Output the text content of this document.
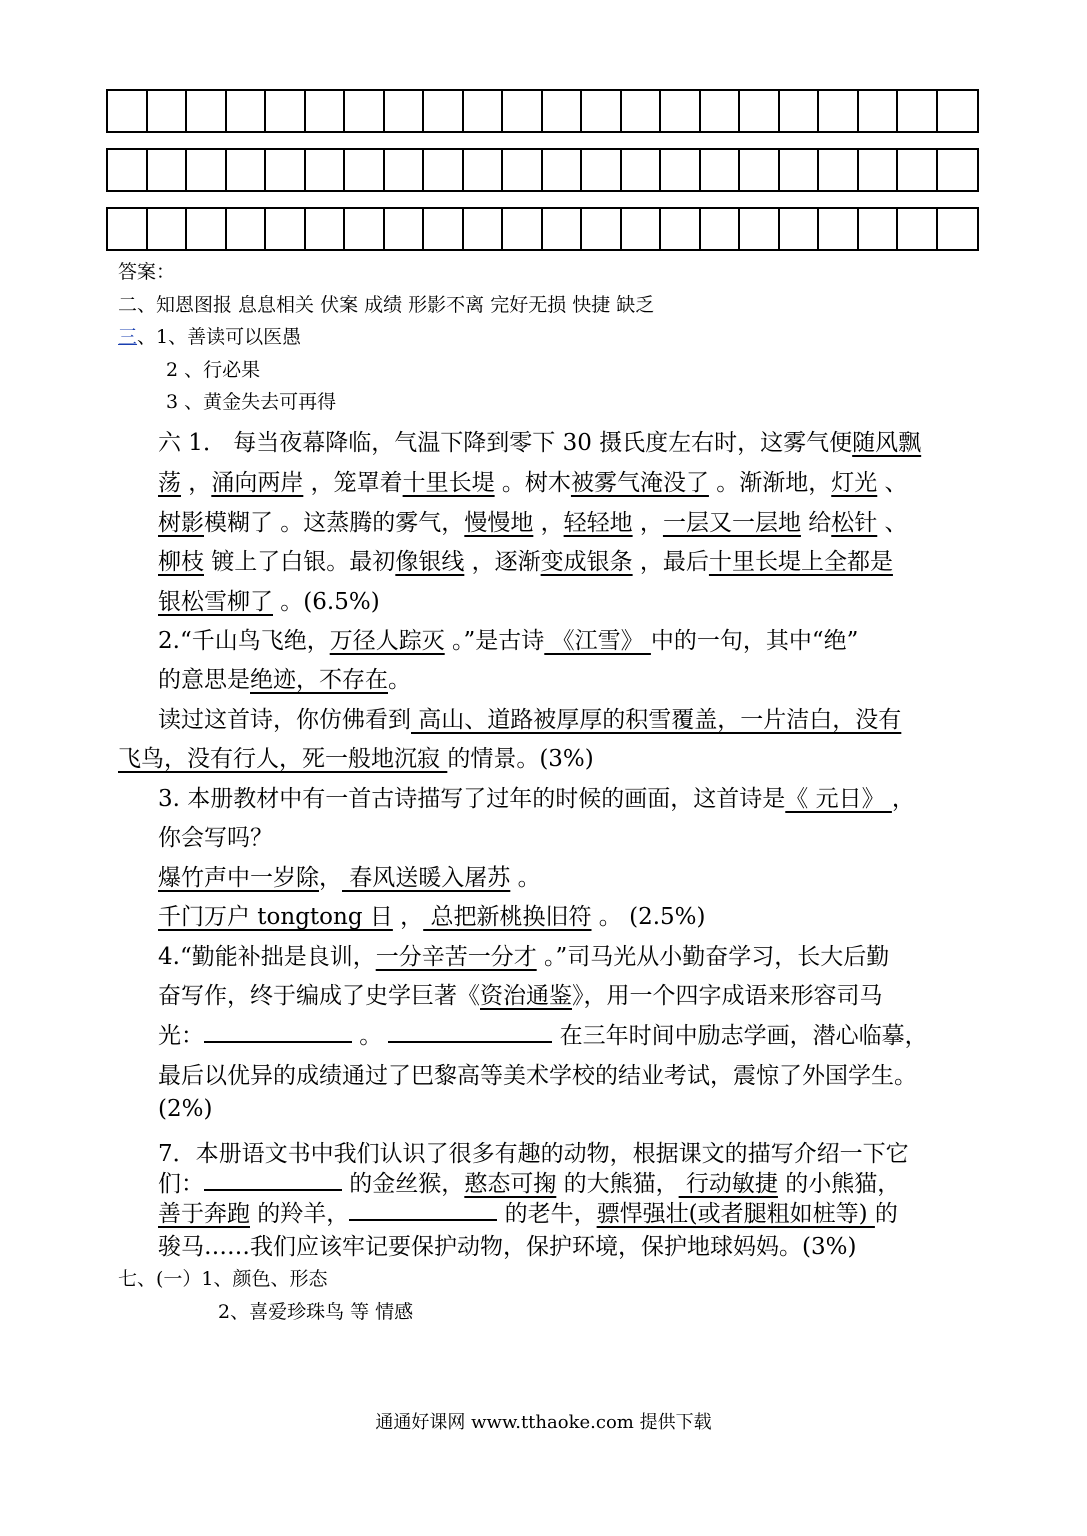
答案：
二、知恩图报 息息相关 伏案 成绩 形影不离 完好无损 快捷 缺乏
三、1、善读可以医愚
2 、行必果
3 、黄金失去可再得
六 1． 每当夜幕降临，气温下降到零下 30 摄氏度左右时，这雾气便随风飘
荡 ，涌向两岸 ，笼罩着十里长堤 。树木被雾气淹没了 。渐渐地，灯光 、
树影模糊了 。这蒸腾的雾气，慢慢地 ，轻轻地 ，一层又一层地 给松针 、
柳枝 镀上了白银。最初像银线 ，逐渐变成银条 ，最后十里长堤上全都是
银松雪柳了 。(6.5%)
2.“千山鸟飞绝，万径人踪灭 。”是古诗 《江雪》 中的一句，其中“绝”
的意思是绝迹，不存在。
读过这首诗，你仿佛看到 高山、道路被厚厚的积雪覆盖，一片洁白，没有
飞鸟，没有行人，死一般地沉寂 的情景。(3%)
3. 本册教材中有一首古诗描写了过年的时候的画面，这首诗是《 元日》 ，
你会写吗？
爆竹声中一岁除， 春风送暖入屠苏 。
千门万户 tongtong 日 ， 总把新桃换旧符 。 (2.5%)
4.“勤能补拙是良训，一分辛苦一分才 。”司马光从小勤奋学习，长大后勤
奋写作，终于编成了史学巨著《资治通鉴》，用一个四字成语来形容司马
光：	。	在三年时间中励志学画，潜心临摹，
最后以优异的成绩通过了巴黎高等美术学校的结业考试，震惊了外国学生。
(2%)
7．本册语文书中我们认识了很多有趣的动物，根据课文的描写介绍一下它
们：	的金丝猴，憨态可掬 的大熊猫， 行动敏捷 的小熊猫，
善于奔跑 的羚羊，	的老牛，骠悍强壮(或者腿粗如桩等) 的
骏马……我们应该牢记要保护动物，保护环境，保护地球妈妈。(3%)
七、(一）1、颜色、形态
2、喜爱珍珠鸟 等 情感
通通好课网 www.tthaoke.com 提供下载
